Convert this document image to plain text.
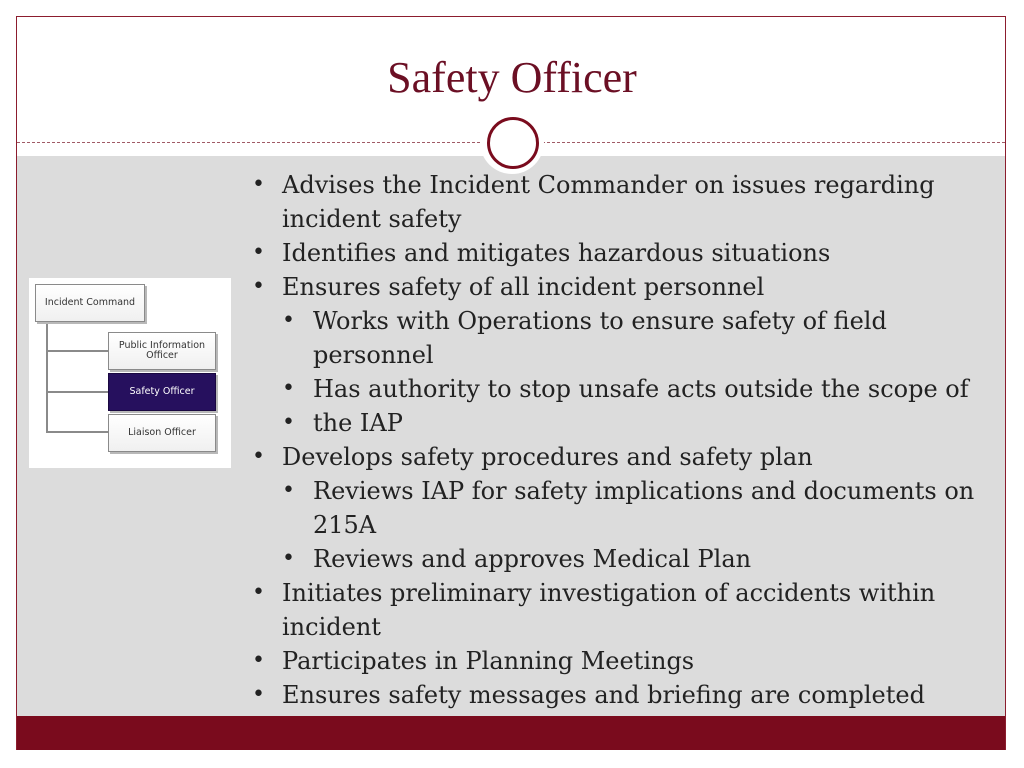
Safety Officer
Incident Command
Public Information Officer
Safety Officer
Liaison Officer
• Advises the Incident Commander on issues regarding incident safety
• Identifies and mitigates hazardous situations
• Ensures safety of all incident personnel
• Works with Operations to ensure safety of field personnel
• Has authority to stop unsafe acts outside the scope of
• the IAP
• Develops safety procedures and safety plan
• Reviews IAP for safety implications and documents on 215A
• Reviews and approves Medical Plan
• Initiates preliminary investigation of accidents within incident
• Participates in Planning Meetings
• Ensures safety messages and briefing are completed
